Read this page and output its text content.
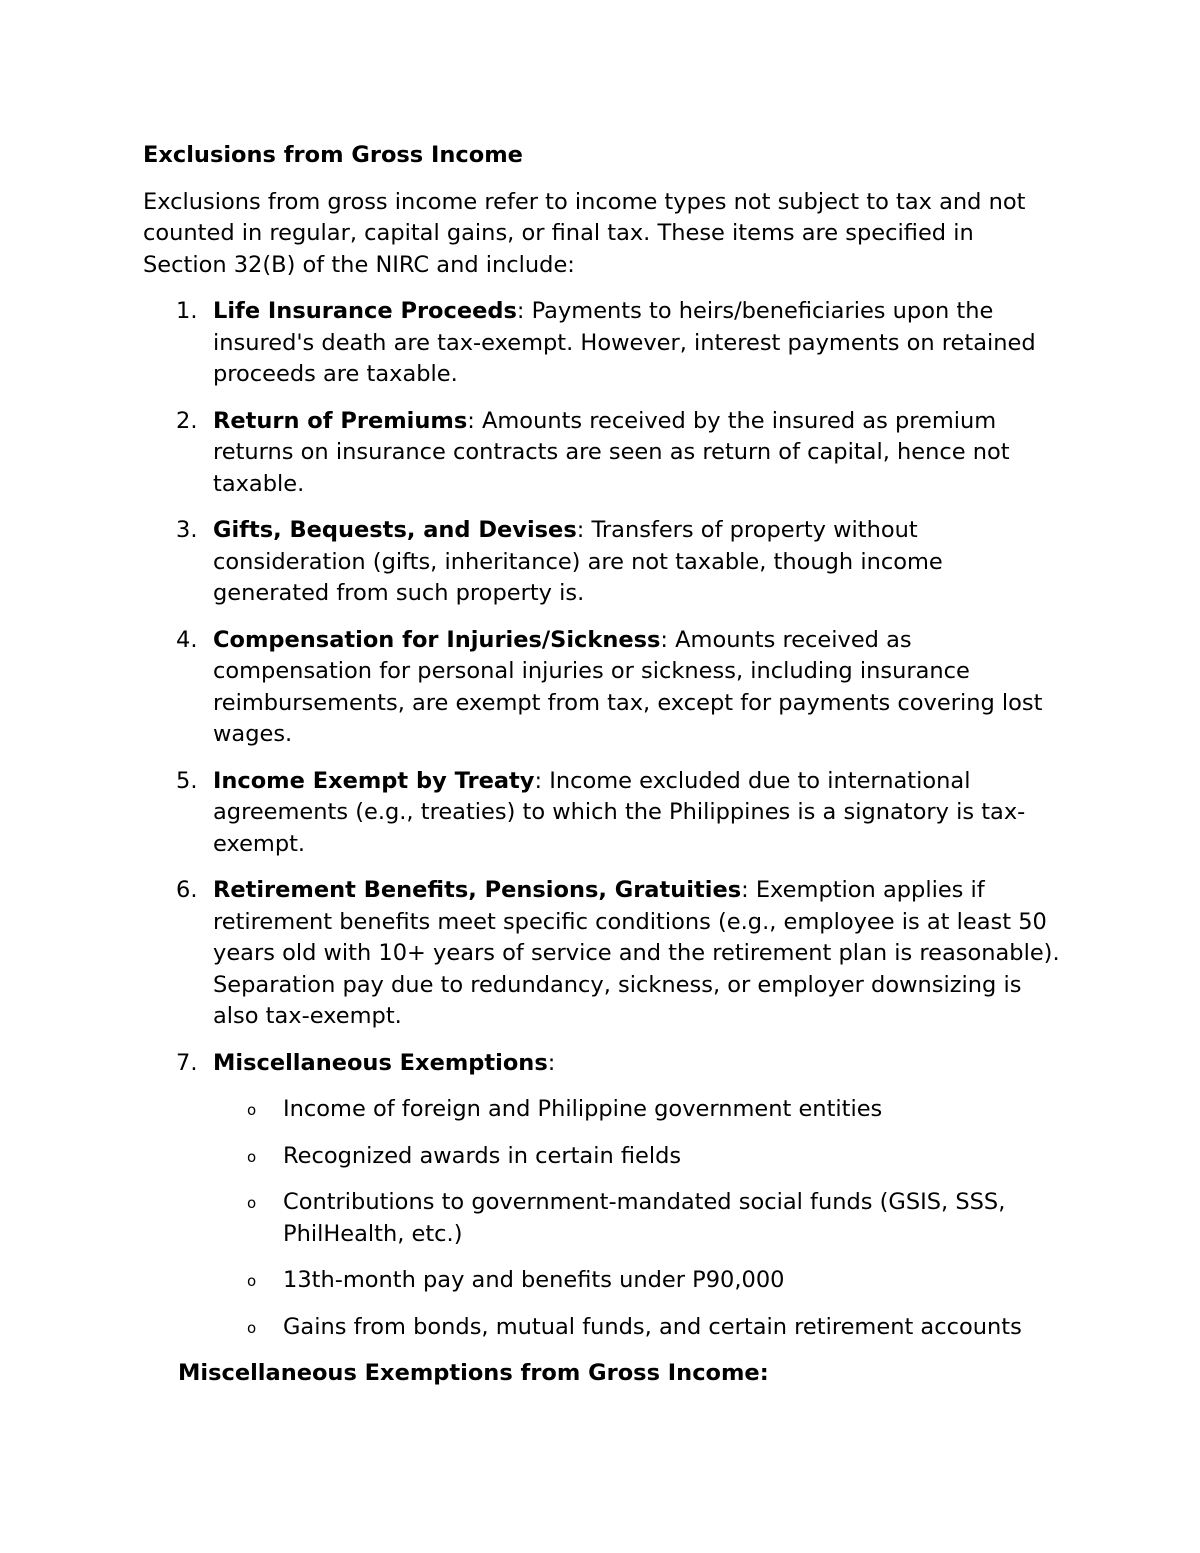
Exclusions from Gross Income
Exclusions from gross income refer to income types not subject to tax and not counted in regular, capital gains, or final tax. These items are specified in Section 32(B) of the NIRC and include:
1. Life Insurance Proceeds: Payments to heirs/beneficiaries upon the insured's death are tax-exempt. However, interest payments on retained proceeds are taxable.
2. Return of Premiums: Amounts received by the insured as premium returns on insurance contracts are seen as return of capital, hence not taxable.
3. Gifts, Bequests, and Devises: Transfers of property without consideration (gifts, inheritance) are not taxable, though income generated from such property is.
4. Compensation for Injuries/Sickness: Amounts received as compensation for personal injuries or sickness, including insurance reimbursements, are exempt from tax, except for payments covering lost wages.
5. Income Exempt by Treaty: Income excluded due to international agreements (e.g., treaties) to which the Philippines is a signatory is tax-exempt.
6. Retirement Benefits, Pensions, Gratuities: Exemption applies if retirement benefits meet specific conditions (e.g., employee is at least 50 years old with 10+ years of service and the retirement plan is reasonable). Separation pay due to redundancy, sickness, or employer downsizing is also tax-exempt.
7. Miscellaneous Exemptions:
o Income of foreign and Philippine government entities
o Recognized awards in certain fields
o Contributions to government-mandated social funds (GSIS, SSS, PhilHealth, etc.)
o 13th-month pay and benefits under P90,000
o Gains from bonds, mutual funds, and certain retirement accounts
Miscellaneous Exemptions from Gross Income:
